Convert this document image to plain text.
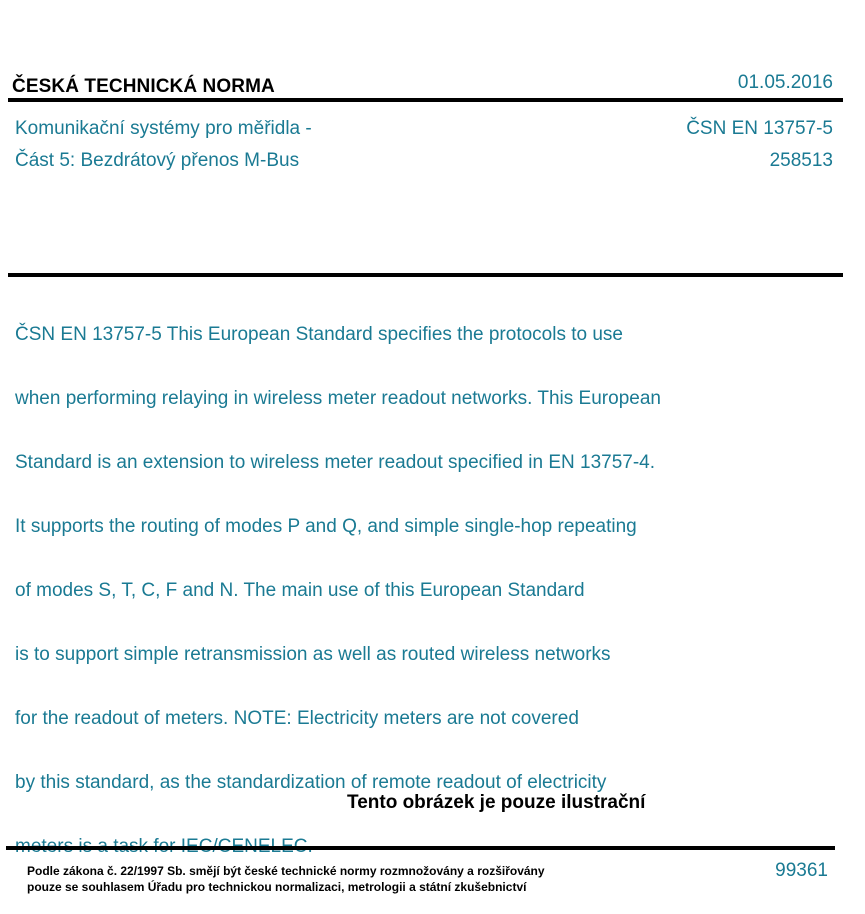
ČESKÁ TECHNICKÁ NORMA	01.05.2016
Komunikační systémy pro měřidla -
Část 5: Bezdrátový přenos M-Bus
ČSN EN 13757-5
258513

ČSN EN 13757-5 This European Standard specifies the protocols to use

when performing relaying in wireless meter readout networks. This European

Standard is an extension to wireless meter readout specified in EN 13757-4.

It supports the routing of modes P and Q, and simple single-hop repeating

of modes S, T, C, F and N. The main use of this European Standard

is to support simple retransmission as well as routed wireless networks

for the readout of meters. NOTE: Electricity meters are not covered

by this standard, as the standardization of remote readout of electricity

Tento obrázek je pouze ilustrační
Podle zákona č. 22/1997 Sb. smějí být české technické normy rozmnožovány a rozšiřovány
pouze se souhlasem Úřadu pro technickou normalizaci, metrologii a státní zkušebnictví
99361
